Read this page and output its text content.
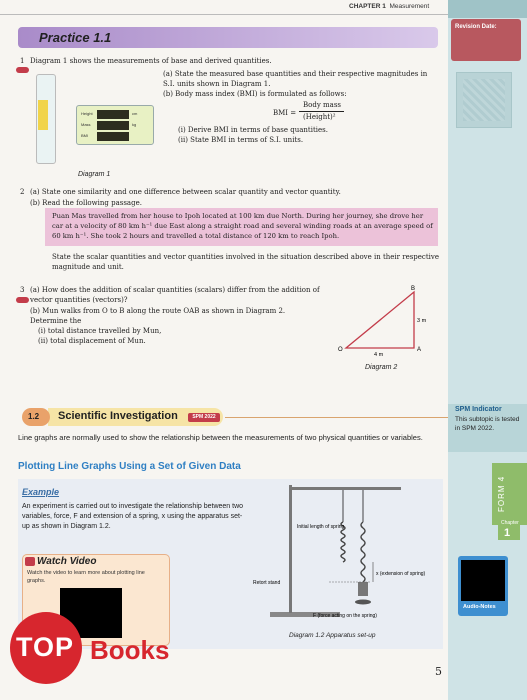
CHAPTER 1 Measurement
Revision Date:
Practice 1.1
1 Diagram 1 shows the measurements of base and derived quantities.
(a) State the measured base quantities and their respective magnitudes in S.I. units shown in Diagram 1.
(b) Body mass index (BMI) is formulated as follows:
BMI =
Body mass
(Height)²
(i) Derive BMI in terms of base quantities.
(ii) State BMI in terms of S.I. units.
Height	cm
Mass	kg
BMI
Diagram 1
2 (a) State one similarity and one difference between scalar quantity and vector quantity.
(b) Read the following passage.
Puan Mas travelled from her house to Ipoh located at 100 km due North. During her journey, she drove her car at a velocity of 80 km h⁻¹ due East along a straight road and several winding roads at an average speed of 60 km h⁻¹. She took 2 hours and travelled a total distance of 120 km to reach Ipoh.
State the scalar quantities and vector quantities involved in the situation described above in their respective magnitude and unit.
3 (a) How does the addition of scalar quantities (scalars) differ from the addition of vector quantities (vectors)?
(b) Mun walks from O to B along the route OAB as shown in Diagram 2. Determine the
(i) total distance travelled by Mun,
(ii) total displacement of Mun.
O	A
B
4 m
3 m
Diagram 2
1.2 Scientific Investigation	SPM 2022
SPM Indicator
This subtopic is tested in SPM 2022.
Line graphs are normally used to show the relationship between the measurements of two physical quantities or variables.
FORM 4
Chapter
1
Audio-Notes
Plotting Line Graphs Using a Set of Given Data
Example
An experiment is carried out to investigate the relationship between two variables, force, F and extension of a spring, x using the apparatus set-up as shown in Diagram 1.2.
Watch Video
Watch the video to learn more about plotting line graphs.
Initial length of spring
Retort stand
x (extension of spring)
F (force acting on the spring)
Diagram 1.2 Apparatus set-up
TOP Books
5
